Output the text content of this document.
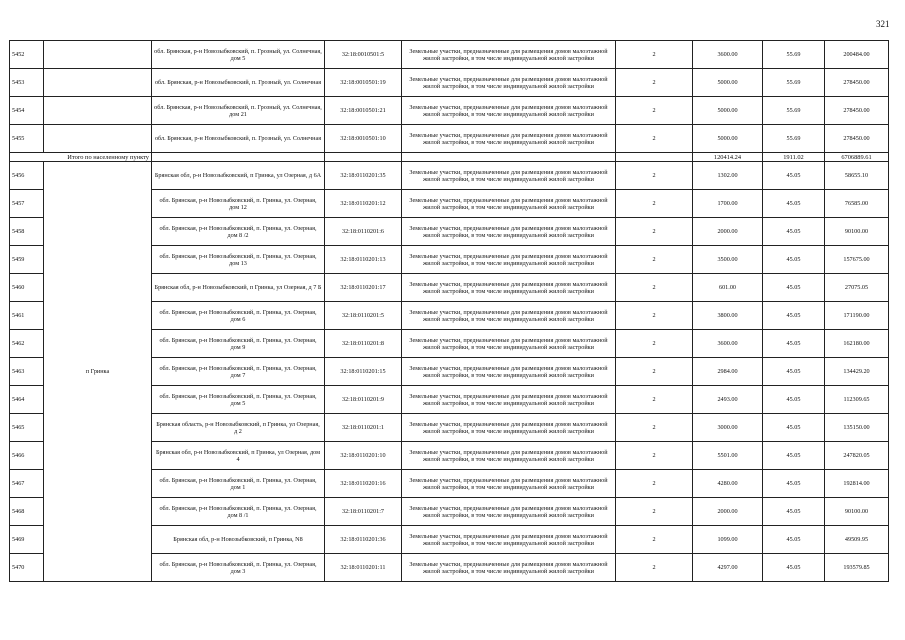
321
5452		обл. Брянская, р-н Новозыбковский, п. Грозный, ул. Солнечная, дом 5	32:18:0010501:5	Земельные участки, предназначенные для размещения домов малоэтажной жилой застройки, в том числе индивидуальной жилой застройки	2	3600.00	55.69	200484.00
5453		обл. Брянская, р-н Новозыбковский, п. Грозный, ул. Солнечная	32:18:0010501:19	Земельные участки, предназначенные для размещения домов малоэтажной жилой застройки, в том числе индивидуальной жилой застройки	2	5000.00	55.69	278450.00
5454		обл. Брянская, р-н Новозыбковский, п. Грозный, ул. Солнечная, дом 21	32:18:0010501:21	Земельные участки, предназначенные для размещения домов малоэтажной жилой застройки, в том числе индивидуальной жилой застройки	2	5000.00	55.69	278450.00
5455		обл. Брянская, р-н Новозыбковский, п. Грозный, ул. Солнечная	32:18:0010501:10	Земельные участки, предназначенные для размещения домов малоэтажной жилой застройки, в том числе индивидуальной жилой застройки	2	5000.00	55.69	278450.00
Итого по населенному пункту						120414.24	1911.02	6706889.61
5456	п Гринка	Брянская обл, р-н Новозыбковский, п Гринка, ул Озерная, д 6А	32:18:0110201:35	Земельные участки, предназначенные для размещения домов малоэтажной жилой застройки, в том числе индивидуальной жилой застройки	2	1302.00	45.05	58655.10
5457		обл. Брянская, р-н Новозыбковский, п. Гринка, ул. Озерная, дом 12	32:18:0110201:12	Земельные участки, предназначенные для размещения домов малоэтажной жилой застройки, в том числе индивидуальной жилой застройки	2	1700.00	45.05	76585.00
5458		обл. Брянская, р-н Новозыбковский, п. Гринка, ул. Озерная, дом 8 /2	32:18:0110201:6	Земельные участки, предназначенные для размещения домов малоэтажной жилой застройки, в том числе индивидуальной жилой застройки	2	2000.00	45.05	90100.00
5459		обл. Брянская, р-н Новозыбковский, п. Гринка, ул. Озерная, дом 13	32:18:0110201:13	Земельные участки, предназначенные для размещения домов малоэтажной жилой застройки, в том числе индивидуальной жилой застройки	2	3500.00	45.05	157675.00
5460		Брянская обл, р-н Новозыбковский, п Гринка, ул Озерная, д 7 Б	32:18:0110201:17	Земельные участки, предназначенные для размещения домов малоэтажной жилой застройки, в том числе индивидуальной жилой застройки	2	601.00	45.05	27075.05
5461		обл. Брянская, р-н Новозыбковский, п. Гринка, ул. Озерная, дом 6	32:18:0110201:5	Земельные участки, предназначенные для размещения домов малоэтажной жилой застройки, в том числе индивидуальной жилой застройки	2	3800.00	45.05	171190.00
5462		обл. Брянская, р-н Новозыбковский, п. Гринка, ул. Озерная, дом 9	32:18:0110201:8	Земельные участки, предназначенные для размещения домов малоэтажной жилой застройки, в том числе индивидуальной жилой застройки	2	3600.00	45.05	162180.00
5463		обл. Брянская, р-н Новозыбковский, п. Гринка, ул. Озерная, дом 7	32:18:0110201:15	Земельные участки, предназначенные для размещения домов малоэтажной жилой застройки, в том числе индивидуальной жилой застройки	2	2984.00	45.05	134429.20
5464		обл. Брянская, р-н Новозыбковский, п. Гринка, ул. Озерная, дом 5	32:18:0110201:9	Земельные участки, предназначенные для размещения домов малоэтажной жилой застройки, в том числе индивидуальной жилой застройки	2	2493.00	45.05	112309.65
5465		Брянская область, р-н Новозыбковский, п Гринка, ул Озерная, д 2	32:18:0110201:1	Земельные участки, предназначенные для размещения домов малоэтажной жилой застройки, в том числе индивидуальной жилой застройки	2	3000.00	45.05	135150.00
5466		Брянская обл, р-н Новозыбковский, п Гринка, ул Озерная, дом 4	32:18:0110201:10	Земельные участки, предназначенные для размещения домов малоэтажной жилой застройки, в том числе индивидуальной жилой застройки	2	5501.00	45.05	247820.05
5467		обл. Брянская, р-н Новозыбковский, п. Гринка, ул. Озерная, дом 1	32:18:0110201:16	Земельные участки, предназначенные для размещения домов малоэтажной жилой застройки, в том числе индивидуальной жилой застройки	2	4280.00	45.05	192814.00
5468		обл. Брянская, р-н Новозыбковский, п. Гринка, ул. Озерная, дом 8 /1	32:18:0110201:7	Земельные участки, предназначенные для размещения домов малоэтажной жилой застройки, в том числе индивидуальной жилой застройки	2	2000.00	45.05	90100.00
5469		Брянская обл, р-н Новозыбковский, п Гринка, N8	32:18:0110201:36	Земельные участки, предназначенные для размещения домов малоэтажной жилой застройки, в том числе индивидуальной жилой застройки	2	1099.00	45.05	49509.95
5470		обл. Брянская, р-н Новозыбковский, п. Гринка, ул. Озерная, дом 3	32:18:0110201:11	Земельные участки, предназначенные для размещения домов малоэтажной жилой застройки, в том числе индивидуальной жилой застройки	2	4297.00	45.05	193579.85
